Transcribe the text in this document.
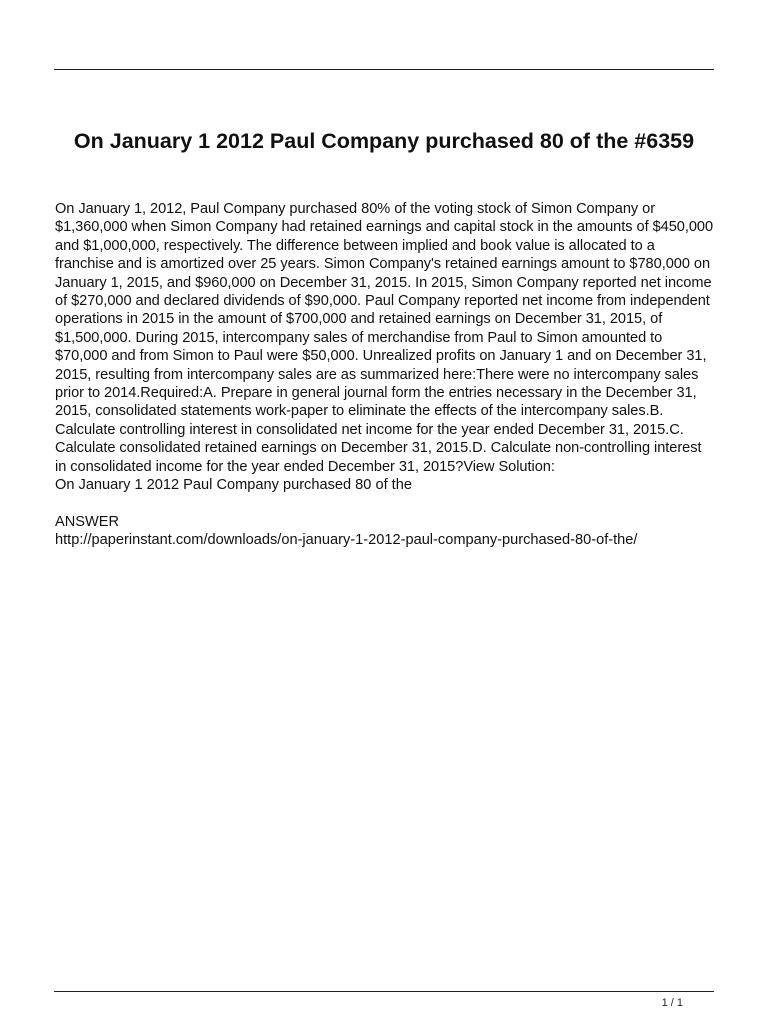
On January 1 2012 Paul Company purchased 80 of the #6359

On January 1, 2012, Paul Company purchased 80% of the voting stock of Simon Company or $1,360,000 when Simon Company had retained earnings and capital stock in the amounts of $450,000 and $1,000,000, respectively. The difference between implied and book value is allocated to a franchise and is amortized over 25 years. Simon Company's retained earnings amount to $780,000 on January 1, 2015, and $960,000 on December 31, 2015. In 2015, Simon Company reported net income of $270,000 and declared dividends of $90,000. Paul Company reported net income from independent operations in 2015 in the amount of $700,000 and retained earnings on December 31, 2015, of $1,500,000. During 2015, intercompany sales of merchandise from Paul to Simon amounted to $70,000 and from Simon to Paul were $50,000. Unrealized profits on January 1 and on December 31, 2015, resulting from intercompany sales are as summarized here:There were no intercompany sales prior to 2014.Required:A. Prepare in general journal form the entries necessary in the December 31, 2015, consolidated statements work-paper to eliminate the effects of the intercompany sales.B. Calculate controlling interest in consolidated net income for the year ended December 31, 2015.C. Calculate consolidated retained earnings on December 31, 2015.D. Calculate non-controlling interest in consolidated income for the year ended December 31, 2015?View Solution:

On January 1 2012 Paul Company purchased 80 of the

ANSWER

http://paperinstant.com/downloads/on-january-1-2012-paul-company-purchased-80-of-the/

1 / 1
